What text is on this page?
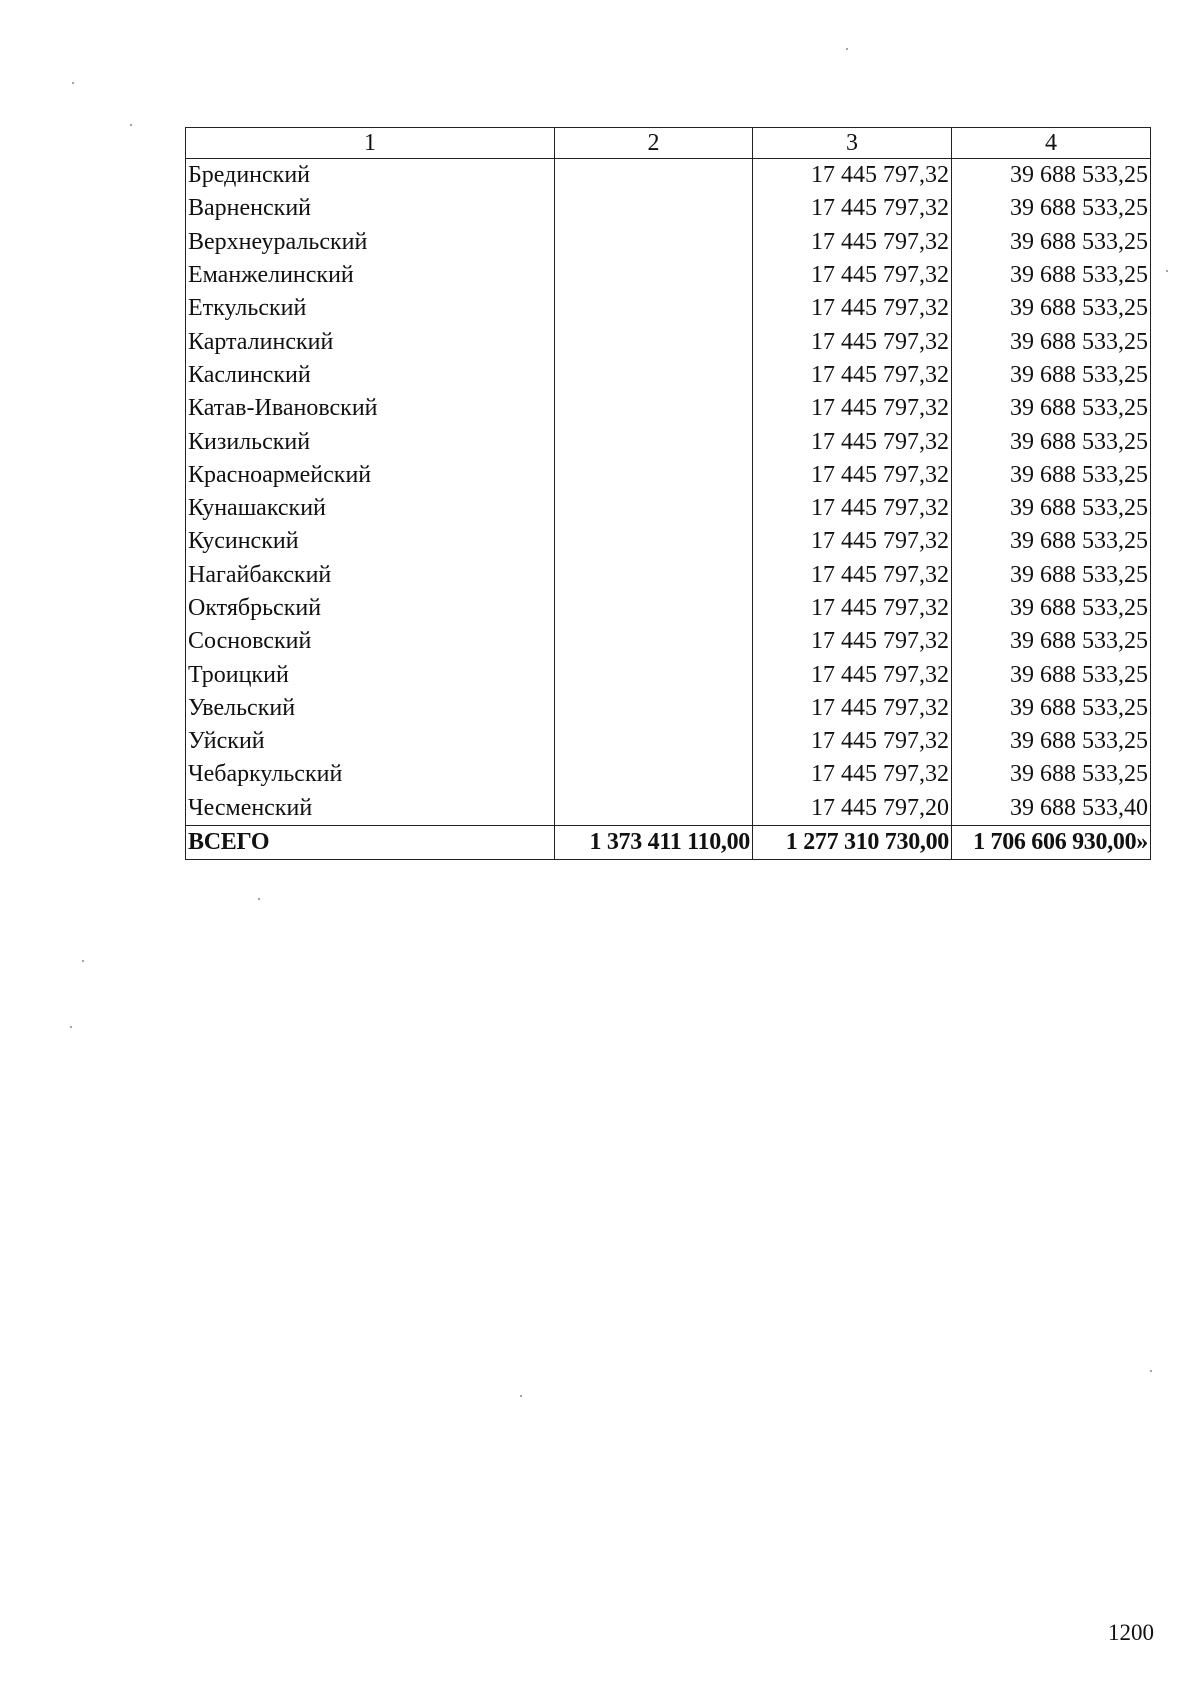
1	2	3	4
Брединский		17 445 797,32	39 688 533,25
Варненский		17 445 797,32	39 688 533,25
Верхнеуральский		17 445 797,32	39 688 533,25
Еманжелинский		17 445 797,32	39 688 533,25
Еткульский		17 445 797,32	39 688 533,25
Карталинский		17 445 797,32	39 688 533,25
Каслинский		17 445 797,32	39 688 533,25
Катав-Ивановский		17 445 797,32	39 688 533,25
Кизильский		17 445 797,32	39 688 533,25
Красноармейский		17 445 797,32	39 688 533,25
Кунашакский		17 445 797,32	39 688 533,25
Кусинский		17 445 797,32	39 688 533,25
Нагайбакский		17 445 797,32	39 688 533,25
Октябрьский		17 445 797,32	39 688 533,25
Сосновский		17 445 797,32	39 688 533,25
Троицкий		17 445 797,32	39 688 533,25
Увельский		17 445 797,32	39 688 533,25
Уйский		17 445 797,32	39 688 533,25
Чебаркульский		17 445 797,32	39 688 533,25
Чесменский		17 445 797,20	39 688 533,40
ВСЕГО	1 373 411 110,00	1 277 310 730,00	1 706 606 930,00»
1200
